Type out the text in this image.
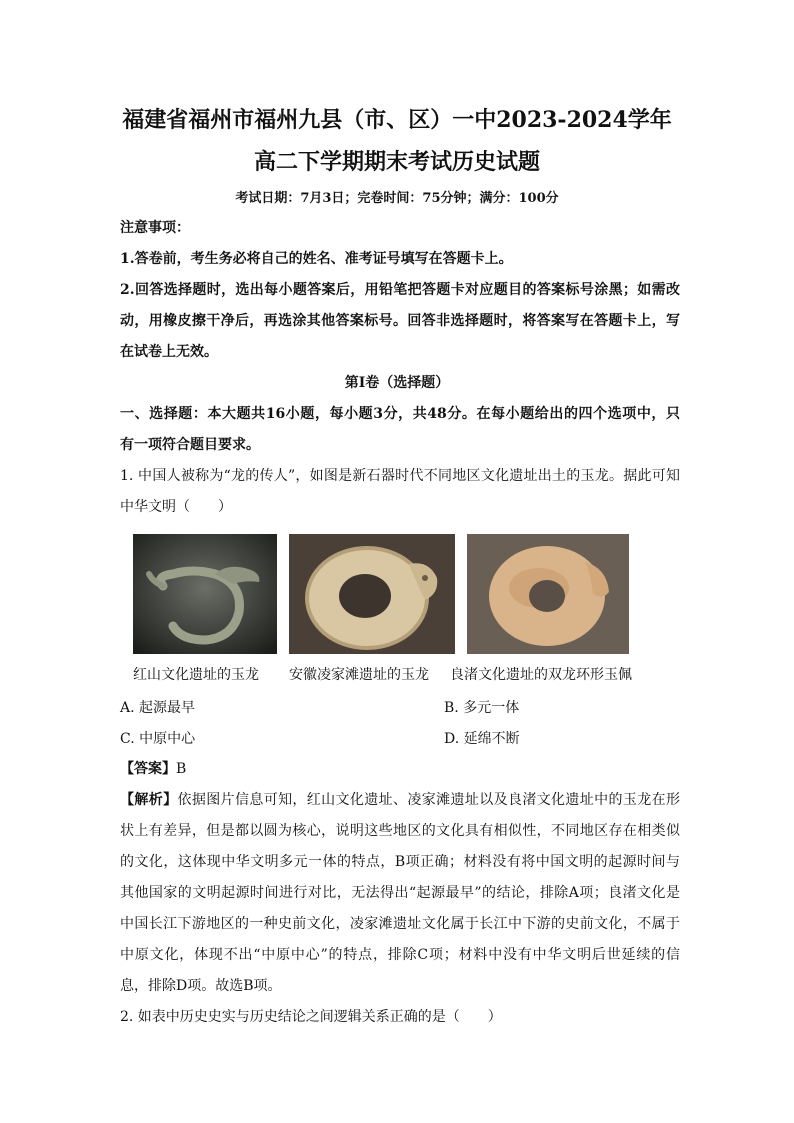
福建省福州市福州九县（市、区）一中2023-2024学年
高二下学期期末考试历史试题
考试日期：7月3日；完卷时间：75分钟；满分：100分
注意事项：
1.答卷前，考生务必将自己的姓名、准考证号填写在答题卡上。
2.回答选择题时，选出每小题答案后，用铅笔把答题卡对应题目的答案标号涂黑；如需改
动，用橡皮擦干净后，再选涂其他答案标号。回答非选择题时，将答案写在答题卡上，写
在试卷上无效。
第Ⅰ卷（选择题）
一、选择题：本大题共16小题，每小题3分，共48分。在每小题给出的四个选项中，只
有一项符合题目要求。
1. 中国人被称为“龙的传人”，如图是新石器时代不同地区文化遗址出土的玉龙。据此可知
中华文明（　　）
红山文化遗址的玉龙 安徽凌家滩遗址的玉龙 良渚文化遗址的双龙环形玉佩
A. 起源最早	B. 多元一体
C. 中原中心	D. 延绵不断
【答案】B
【解析】依据图片信息可知，红山文化遗址、凌家滩遗址以及良渚文化遗址中的玉龙在形
状上有差异，但是都以圆为核心，说明这些地区的文化具有相似性，不同地区存在相类似
的文化，这体现中华文明多元一体的特点，B项正确；材料没有将中国文明的起源时间与
其他国家的文明起源时间进行对比，无法得出“起源最早”的结论，排除A项；良渚文化是
中国长江下游地区的一种史前文化，凌家滩遗址文化属于长江中下游的史前文化，不属于
中原文化，体现不出“中原中心”的特点，排除C项；材料中没有中华文明后世延续的信
息，排除D项。故选B项。
2. 如表中历史史实与历史结论之间逻辑关系正确的是（　　）
